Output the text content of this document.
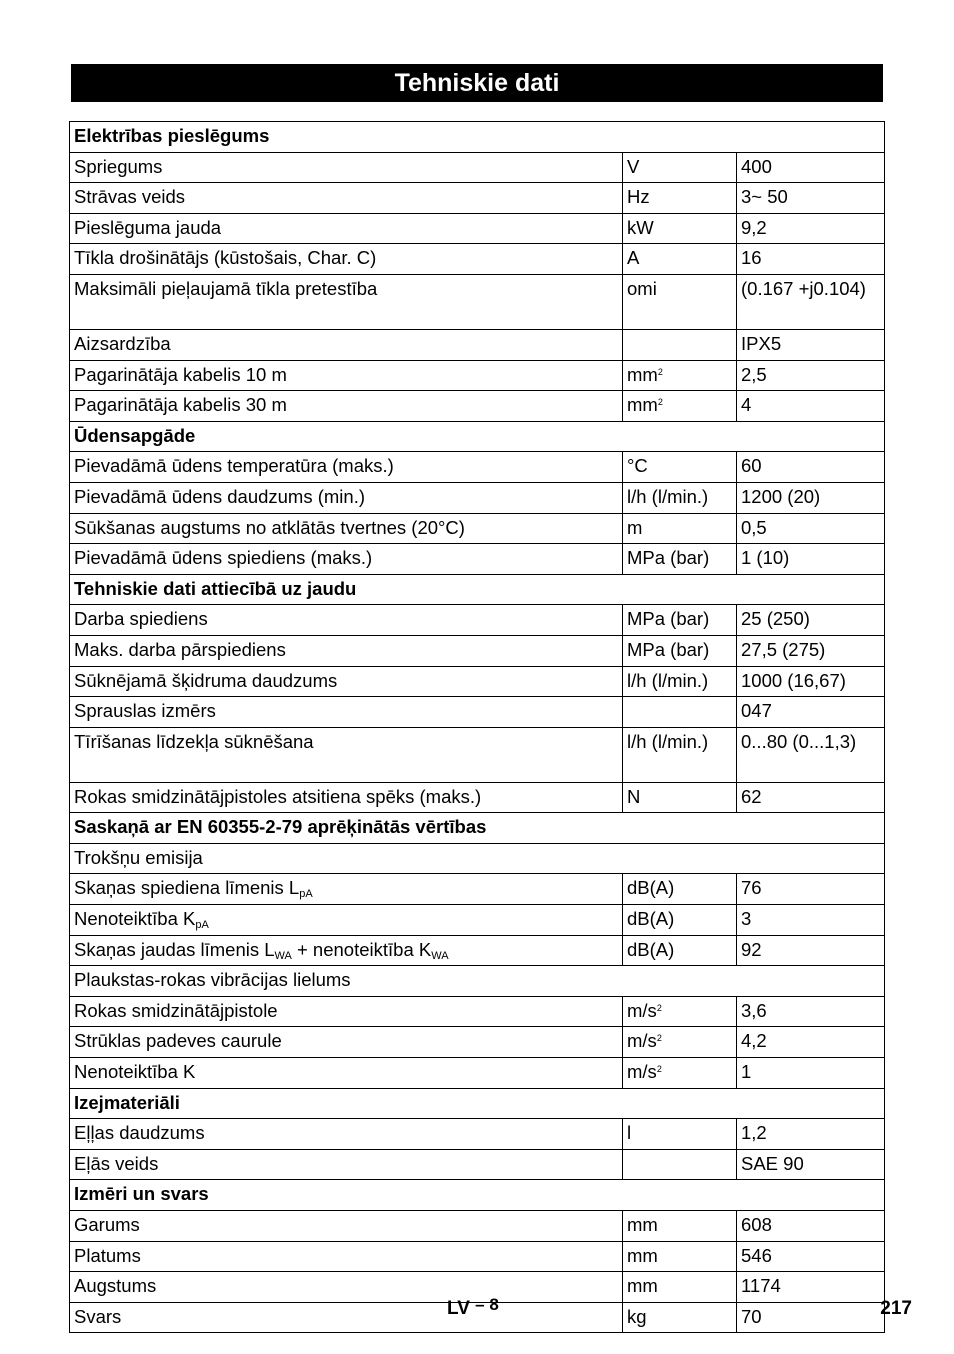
Tehniskie dati
Elektrības pieslēgums		
Spriegums	V	400
Strāvas veids	Hz	3~ 50
Pieslēguma jauda	kW	9,2
Tīkla drošinātājs (kūstošais, Char. C)	A	16
Maksimāli pieļaujamā tīkla pretestība	omi	(0.167 +j0.104)
Aizsardzība		IPX5
Pagarinātāja kabelis 10 m	$mm^2$	2,5
Pagarinātāja kabelis 30 m	$mm^2$	4
Ūdensapgāde		
Pievadāmā ūdens temperatūra (maks.)	°C	60
Pievadāmā ūdens daudzums (min.)	l/h (l/min.)	1200 (20)
Sūkšanas augstums no atklātās tvertnes (20°C)	m	0,5
Pievadāmā ūdens spiediens (maks.)	MPa (bar)	1 (10)
Tehniskie dati attiecībā uz jaudu		
Darba spiediens	MPa (bar)	25 (250)
Maks. darba pārspiediens	MPa (bar)	27,5 (275)
Sūknējamā šķidruma daudzums	l/h (l/min.)	1000 (16,67)
Sprauslas izmērs		047
Tīrīšanas līdzekļa sūknēšana	l/h (l/min.)	0...80 (0...1,3)
Rokas smidzinātājpistoles atsitiena spēks (maks.)	N	62
Saskaņā ar EN 60355-2-79 aprēķinātās vērtības		
Trokšņu emisija		
Skaņas spiediena līmenis $L_{pA}$	dB(A)	76
Nenoteiktība $K_{pA}$	dB(A)	3
Skaņas jaudas līmenis $L_{WA}$ + nenoteiktība $K_{WA}$	dB(A)	92
Plaukstas-rokas vibrācijas lielums		
Rokas smidzinātājpistole	$m/s^2$	3,6
Strūklas padeves caurule	$m/s^2$	4,2
Nenoteiktība K	$m/s^2$	1
Izejmateriāli		
Eļļas daudzums	l	1,2
Eļās veids		SAE 90
Izmēri un svars		
Garums	mm	608
Platums	mm	546
Augstums	mm	1174
Svars	kg	70
LV – 8	217
